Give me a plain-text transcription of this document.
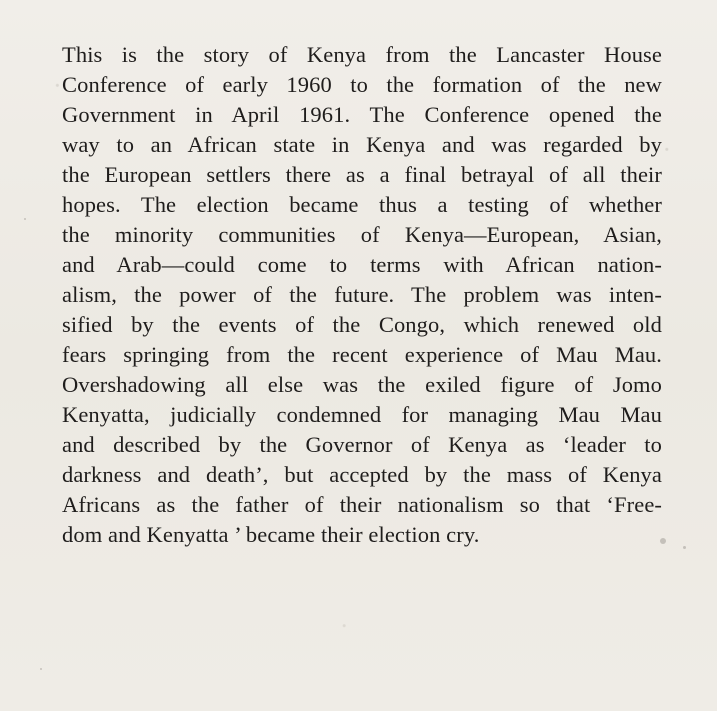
This is the story of Kenya from the Lancaster House
Conference of early 1960 to the formation of the new
Government in April 1961. The Conference opened the
way to an African state in Kenya and was regarded by
the European settlers there as a final betrayal of all their
hopes. The election became thus a testing of whether
the minority communities of Kenya—European, Asian,
and Arab—could come to terms with African nation-
alism, the power of the future. The problem was inten-
sified by the events of the Congo, which renewed old
fears springing from the recent experience of Mau Mau.
Overshadowing all else was the exiled figure of Jomo
Kenyatta, judicially condemned for managing Mau Mau
and described by the Governor of Kenya as ‘leader to
darkness and death’, but accepted by the mass of Kenya
Africans as the father of their nationalism so that ‘Free-
dom and Kenyatta ’ became their election cry.
